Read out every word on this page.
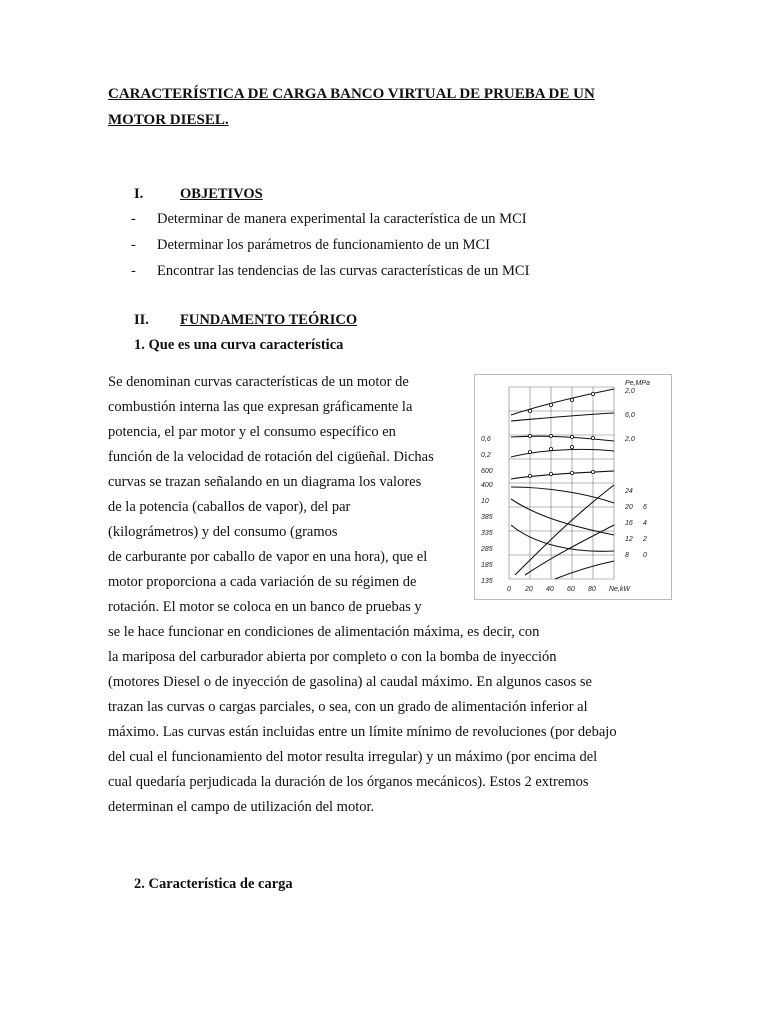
CARACTERÍSTICA DE CARGA BANCO VIRTUAL DE PRUEBA DE UN
MOTOR DIESEL.
I.	OBJETIVOS
- Determinar de manera experimental la característica de un MCI
- Determinar los parámetros de funcionamiento de un MCI
- Encontrar las tendencias de las curvas características de un MCI
II. FUNDAMENTO TEÓRICO
1. Que es una curva característica
Se denominan curvas características de un motor de
combustión interna las que expresan gráficamente la
potencia, el par motor y el consumo específico en
función de la velocidad de rotación del cigüeñal. Dichas
curvas se trazan señalando en un diagrama los valores
de la potencia (caballos de vapor), del par
(kilográmetros) y del consumo (gramos
de carburante por caballo de vapor en una hora), que el
motor proporciona a cada variación de su régimen de
rotación. El motor se coloca en un banco de pruebas y
se le hace funcionar en condiciones de alimentación máxima, es decir, con
la mariposa del carburador abierta por completo o con la bomba de inyección
(motores Diesel o de inyección de gasolina) al caudal máximo. En algunos casos se
trazan las curvas o cargas parciales, o sea, con un grado de alimentación inferior al
máximo. Las curvas están incluidas entre un límite mínimo de revoluciones (por debajo
del cual el funcionamiento del motor resulta irregular) y un máximo (por encima del
cual quedaría perjudicada la duración de los órganos mecánicos). Estos 2 extremos
determinan el campo de utilización del motor.
2. Característica de carga
2,0
6,0
2,0
24
20
16
12
8
6
4
2
0
0,6
0,2
600
400
10
385
335
285
185
135
0 20 40 60 80 Ne,kW
Pe,MPa
